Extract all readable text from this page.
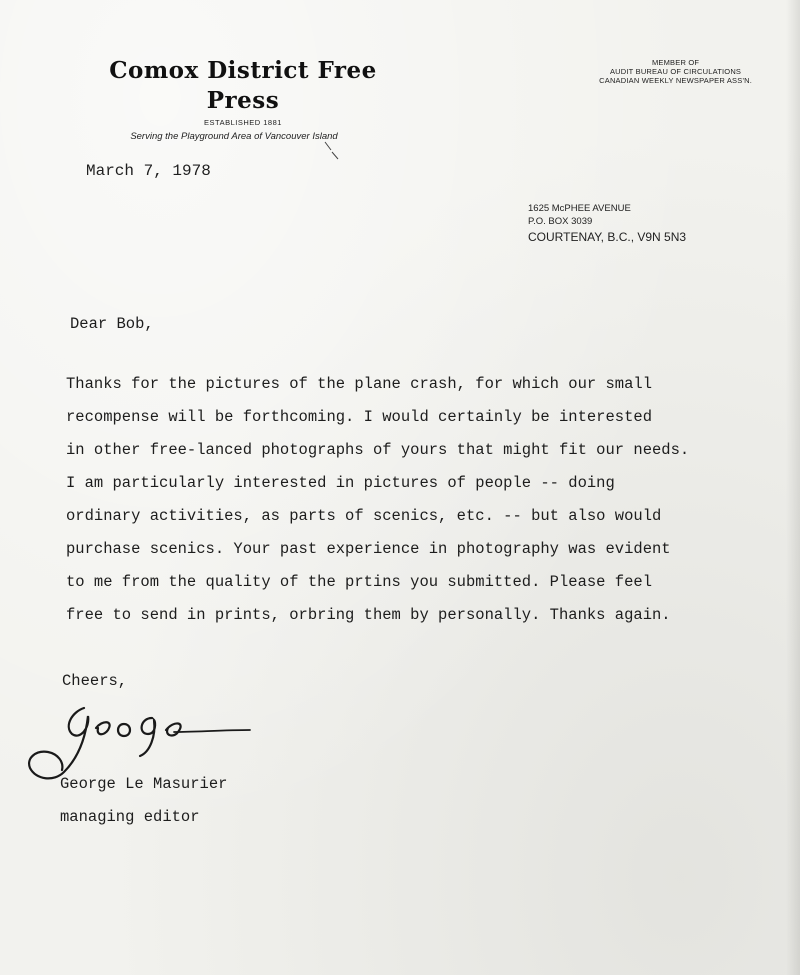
Comox District Free Press
ESTABLISHED 1881
Serving the Playground Area of Vancouver Island
MEMBER OF
AUDIT BUREAU OF CIRCULATIONS
CANADIAN WEEKLY NEWSPAPER ASS'N.
March 7, 1978
1625 McPHEE AVENUE
P.O. BOX 3039
COURTENAY, B.C., V9N 5N3
Dear Bob,
Thanks for the pictures of the plane crash, for which our small
recompense will be forthcoming. I would certainly be interested
in other free-lanced photographs of yours that might fit our needs.
I am particularly interested in pictures of people -- doing
ordinary activities, as parts of scenics, etc. -- but also would
purchase scenics. Your past experience in photography was evident
to me from the quality of the prtins you submitted. Please feel
free to send in prints, orbring them by personally. Thanks again.
Cheers,
George Le Masurier
managing editor
